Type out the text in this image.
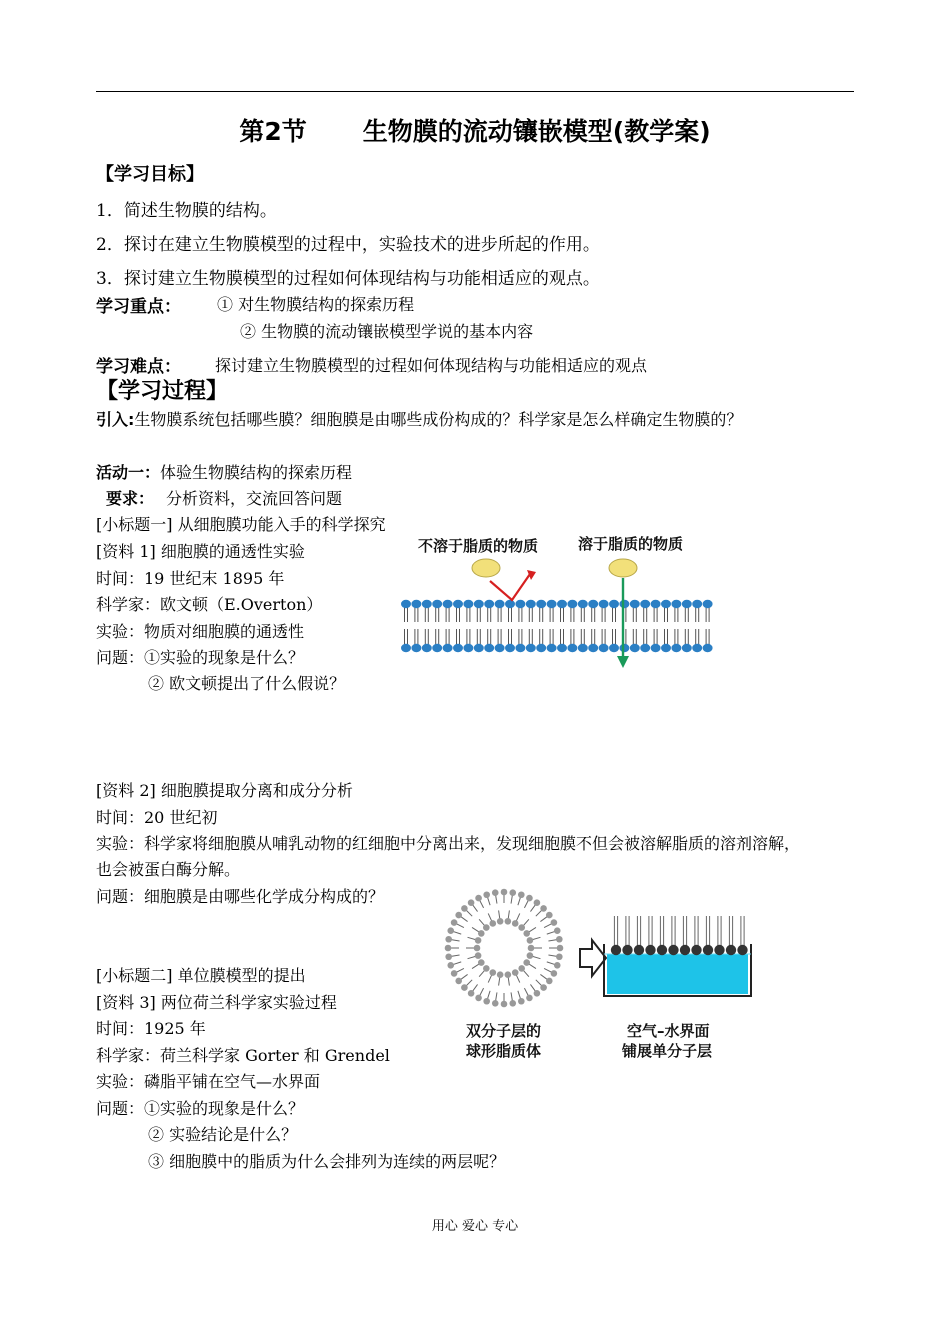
第2节 生物膜的流动镶嵌模型(教学案)
【学习目标】
1．简述生物膜的结构。
2．探讨在建立生物膜模型的过程中，实验技术的进步所起的作用。
3．探讨建立生物膜模型的过程如何体现结构与功能相适应的观点。
学习重点： ① 对生物膜结构的探索历程
② 生物膜的流动镶嵌模型学说的基本内容
学习难点： 探讨建立生物膜模型的过程如何体现结构与功能相适应的观点
【学习过程】
引入:生物膜系统包括哪些膜？细胞膜是由哪些成份构成的？科学家是怎么样确定生物膜的？
活动一：体验生物膜结构的探索历程
要求： 分析资料，交流回答问题
[小标题一] 从细胞膜功能入手的科学探究
[资料 1] 细胞膜的通透性实验
时间：19 世纪末 1895 年
科学家：欧文顿（E.Overton）
实验：物质对细胞膜的通透性
问题：①实验的现象是什么？
② 欧文顿提出了什么假说？
不溶于脂质的物质	溶于脂质的物质
[资料 2] 细胞膜提取分离和成分分析
时间：20 世纪初
实验：科学家将细胞膜从哺乳动物的红细胞中分离出来，发现细胞膜不但会被溶解脂质的溶剂溶解，
也会被蛋白酶分解。
问题：细胞膜是由哪些化学成分构成的？
[小标题二] 单位膜模型的提出
[资料 3] 两位荷兰科学家实验过程
时间：1925 年
科学家：荷兰科学家 Gorter 和 Grendel
实验：磷脂平铺在空气—水界面
问题：①实验的现象是什么？
② 实验结论是什么？
③ 细胞膜中的脂质为什么会排列为连续的两层呢？
双分子层的
球形脂质体
空气–水界面
铺展单分子层
用心 爱心 专心
